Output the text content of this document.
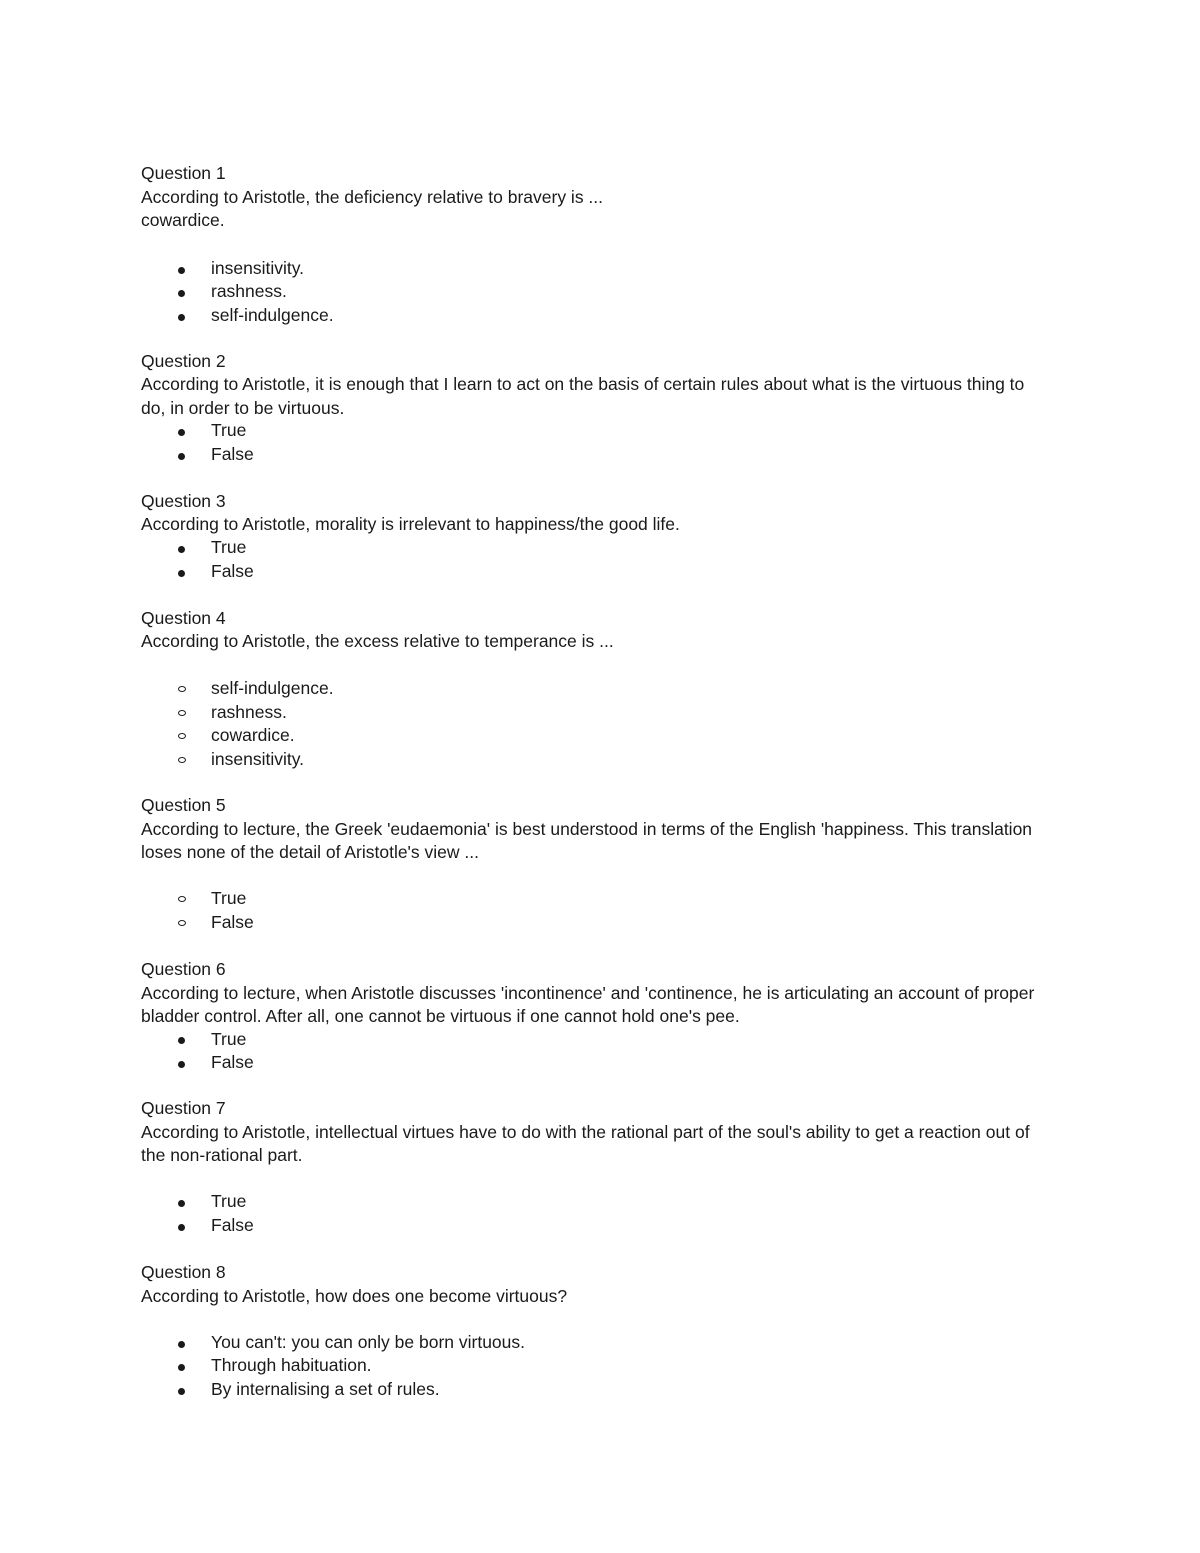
Question 1
According to Aristotle, the deficiency relative to bravery is ...
cowardice.
insensitivity.
rashness.
self-indulgence.
Question 2
According to Aristotle, it is enough that I learn to act on the basis of certain rules about what is the virtuous thing to
do, in order to be virtuous.
True
False
Question 3
According to Aristotle, morality is irrelevant to happiness/the good life.
True
False
Question 4
According to Aristotle, the excess relative to temperance is ...
self-indulgence.
rashness.
cowardice.
insensitivity.
Question 5
According to lecture, the Greek 'eudaemonia' is best understood in terms of the English 'happiness. This translation
loses none of the detail of Aristotle's view ...
True
False
Question 6
According to lecture, when Aristotle discusses 'incontinence' and 'continence, he is articulating an account of proper
bladder control. After all, one cannot be virtuous if one cannot hold one's pee.
True
False
Question 7
According to Aristotle, intellectual virtues have to do with the rational part of the soul's ability to get a reaction out of
the non-rational part.
True
False
Question 8
According to Aristotle, how does one become virtuous?
You can't: you can only be born virtuous.
Through habituation.
By internalising a set of rules.
